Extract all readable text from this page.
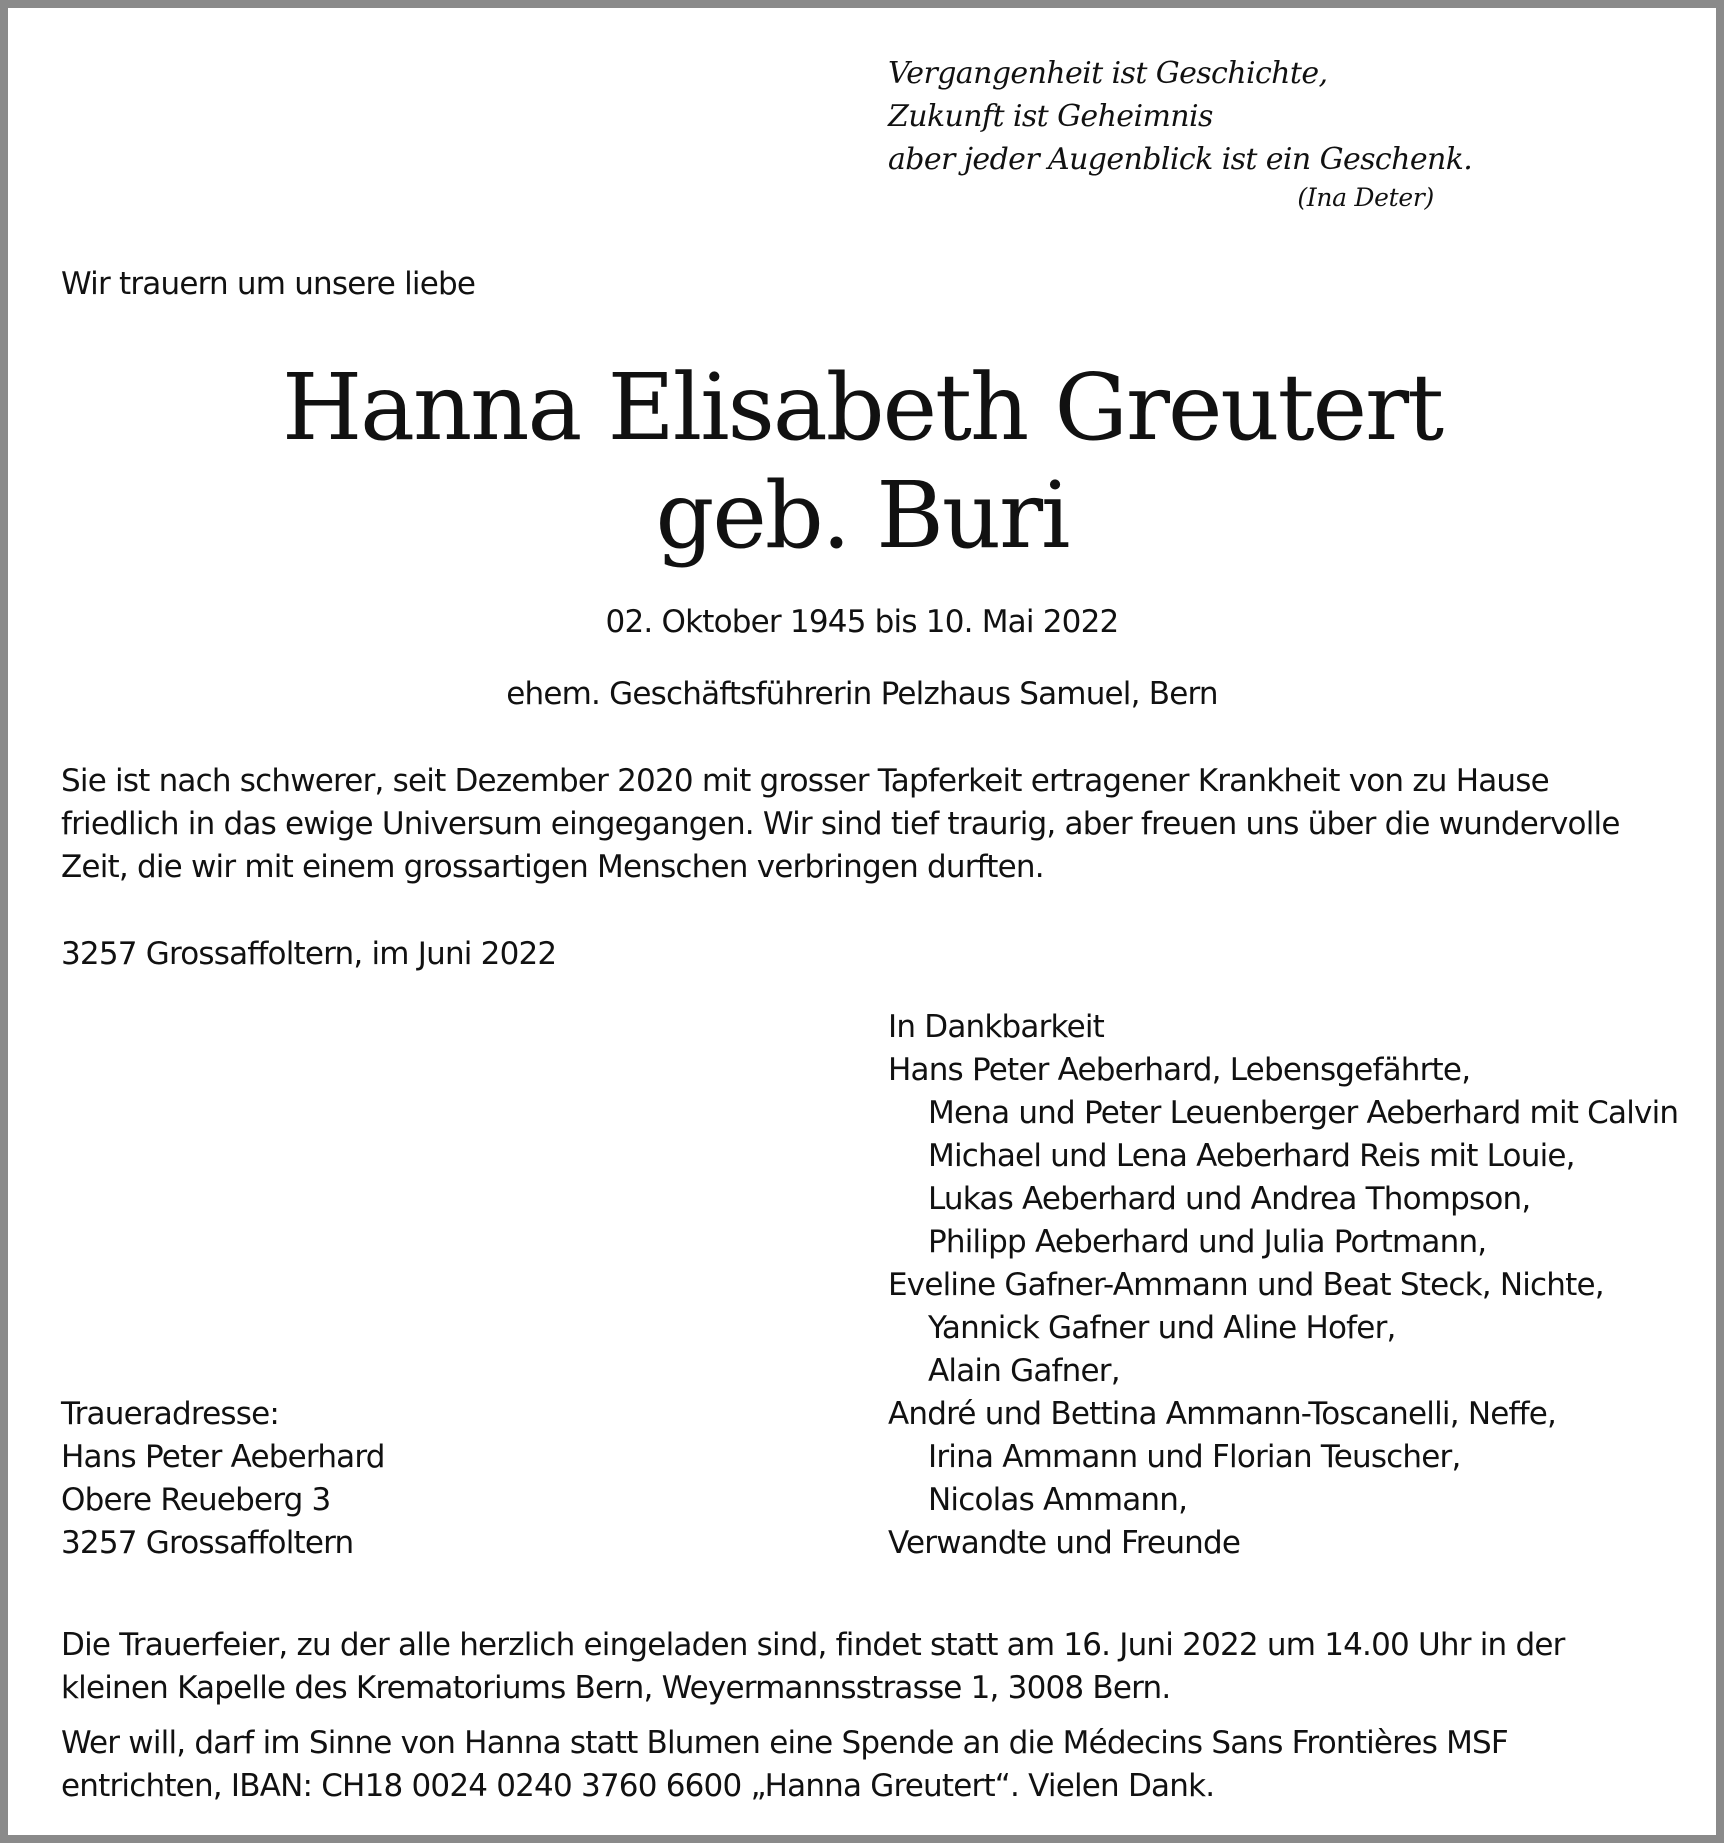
Vergangenheit ist Geschichte,
Zukunft ist Geheimnis
aber jeder Augenblick ist ein Geschenk.
(Ina Deter)
Wir trauern um unsere liebe
Hanna Elisabeth Greutert
geb. Buri
02. Oktober 1945 bis 10. Mai 2022
ehem. Geschäftsführerin Pelzhaus Samuel, Bern

Sie ist nach schwerer, seit Dezember 2020 mit grosser Tapferkeit ertragener Krankheit von zu Hause friedlich in das ewige Universum eingegangen. Wir sind tief traurig, aber freuen uns über die wundervolle Zeit, die wir mit einem grossartigen Menschen verbringen durften.

3257 Grossaffoltern, im Juni 2022
In Dankbarkeit
Hans Peter Aeberhard, Lebensgefährte,
Mena und Peter Leuenberger Aeberhard mit Calvin
Michael und Lena Aeberhard Reis mit Louie,
Lukas Aeberhard und Andrea Thompson,
Philipp Aeberhard und Julia Portmann,
Eveline Gafner-Ammann und Beat Steck, Nichte,
Yannick Gafner und Aline Hofer,
Alain Gafner,
André und Bettina Ammann-Toscanelli, Neffe,
Irina Ammann und Florian Teuscher,
Nicolas Ammann,
Verwandte und Freunde
Traueradresse:
Hans Peter Aeberhard
Obere Reueberg 3
3257 Grossaffoltern

Die Trauerfeier, zu der alle herzlich eingeladen sind, findet statt am 16. Juni 2022 um 14.00 Uhr in der kleinen Kapelle des Krematoriums Bern, Weyermannsstrasse 1, 3008 Bern.

Wer will, darf im Sinne von Hanna statt Blumen eine Spende an die Médecins Sans Frontières MSF entrichten, IBAN: CH18 0024 0240 3760 6600 „Hanna Greutert“. Vielen Dank.
